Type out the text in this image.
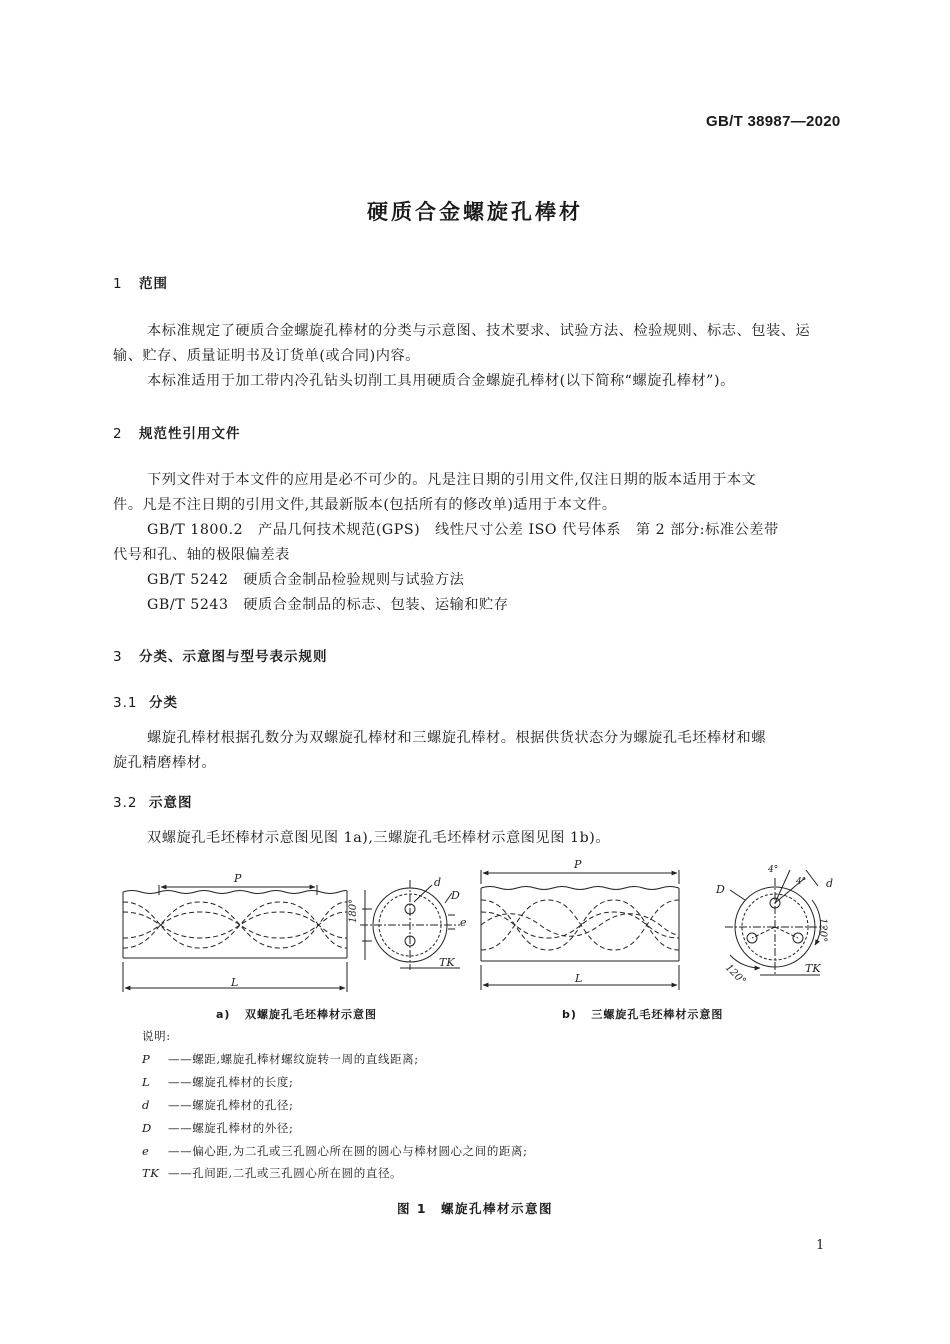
GB/T 38987—2020
硬质合金螺旋孔棒材
1 范围
本标准规定了硬质合金螺旋孔棒材的分类与示意图、技术要求、试验方法、检验规则、标志、包装、运
输、贮存、质量证明书及订货单(或合同)内容。
本标准适用于加工带内冷孔钻头切削工具用硬质合金螺旋孔棒材(以下简称“螺旋孔棒材”)。
2 规范性引用文件
下列文件对于本文件的应用是必不可少的。凡是注日期的引用文件,仅注日期的版本适用于本文
件。凡是不注日期的引用文件,其最新版本(包括所有的修改单)适用于本文件。
GB/T 1800.2　产品几何技术规范(GPS)　线性尺寸公差 ISO 代号体系　第 2 部分:标准公差带
代号和孔、轴的极限偏差表
GB/T 5242　硬质合金制品检验规则与试验方法
GB/T 5243　硬质合金制品的标志、包装、运输和贮存
3 分类、示意图与型号表示规则
3.1 分类
螺旋孔棒材根据孔数分为双螺旋孔棒材和三螺旋孔棒材。根据供货状态分为螺旋孔毛坯棒材和螺
旋孔精磨棒材。
3.2 示意图
双螺旋孔毛坯棒材示意图见图 1a),三螺旋孔毛坯棒材示意图见图 1b)。
P
L
180°
d
D
e
TK
P
L
D	d
TK
4°
4°
120°
120°
a) 双螺旋孔毛坯棒材示意图	b) 三螺旋孔毛坯棒材示意图
说明:
P ——螺距,螺旋孔棒材螺纹旋转一周的直线距离;
L ——螺旋孔棒材的长度;
d ——螺旋孔棒材的孔径;
D ——螺旋孔棒材的外径;
e ——偏心距,为二孔或三孔圆心所在圆的圆心与棒材圆心之间的距离;
TK ——孔间距,二孔或三孔圆心所在圆的直径。
图 1　螺旋孔棒材示意图
1
